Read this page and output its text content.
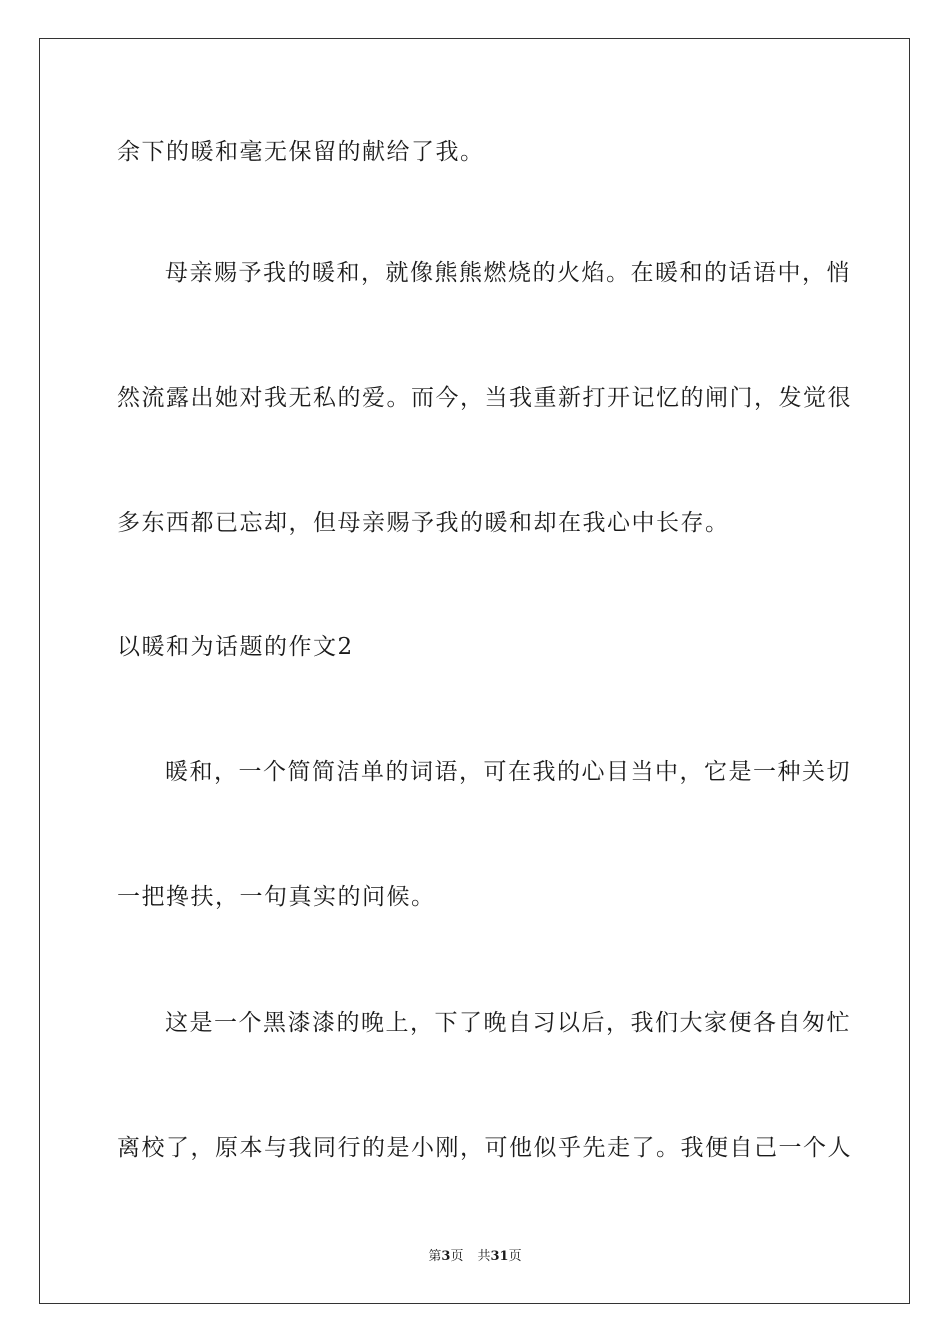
余下的暖和毫无保留的献给了我。
母亲赐予我的暖和，就像熊熊燃烧的火焰。在暖和的话语中，悄
然流露出她对我无私的爱。而今，当我重新打开记忆的闸门，发觉很
多东西都已忘却，但母亲赐予我的暖和却在我心中长存。
以暖和为话题的作文2
暖和，一个简简洁单的词语，可在我的心目当中，它是一种关切
一把搀扶，一句真实的问候。
这是一个黑漆漆的晚上，下了晚自习以后，我们大家便各自匆忙
离校了，原本与我同行的是小刚，可他似乎先走了。我便自己一个人
第3页 共31页
